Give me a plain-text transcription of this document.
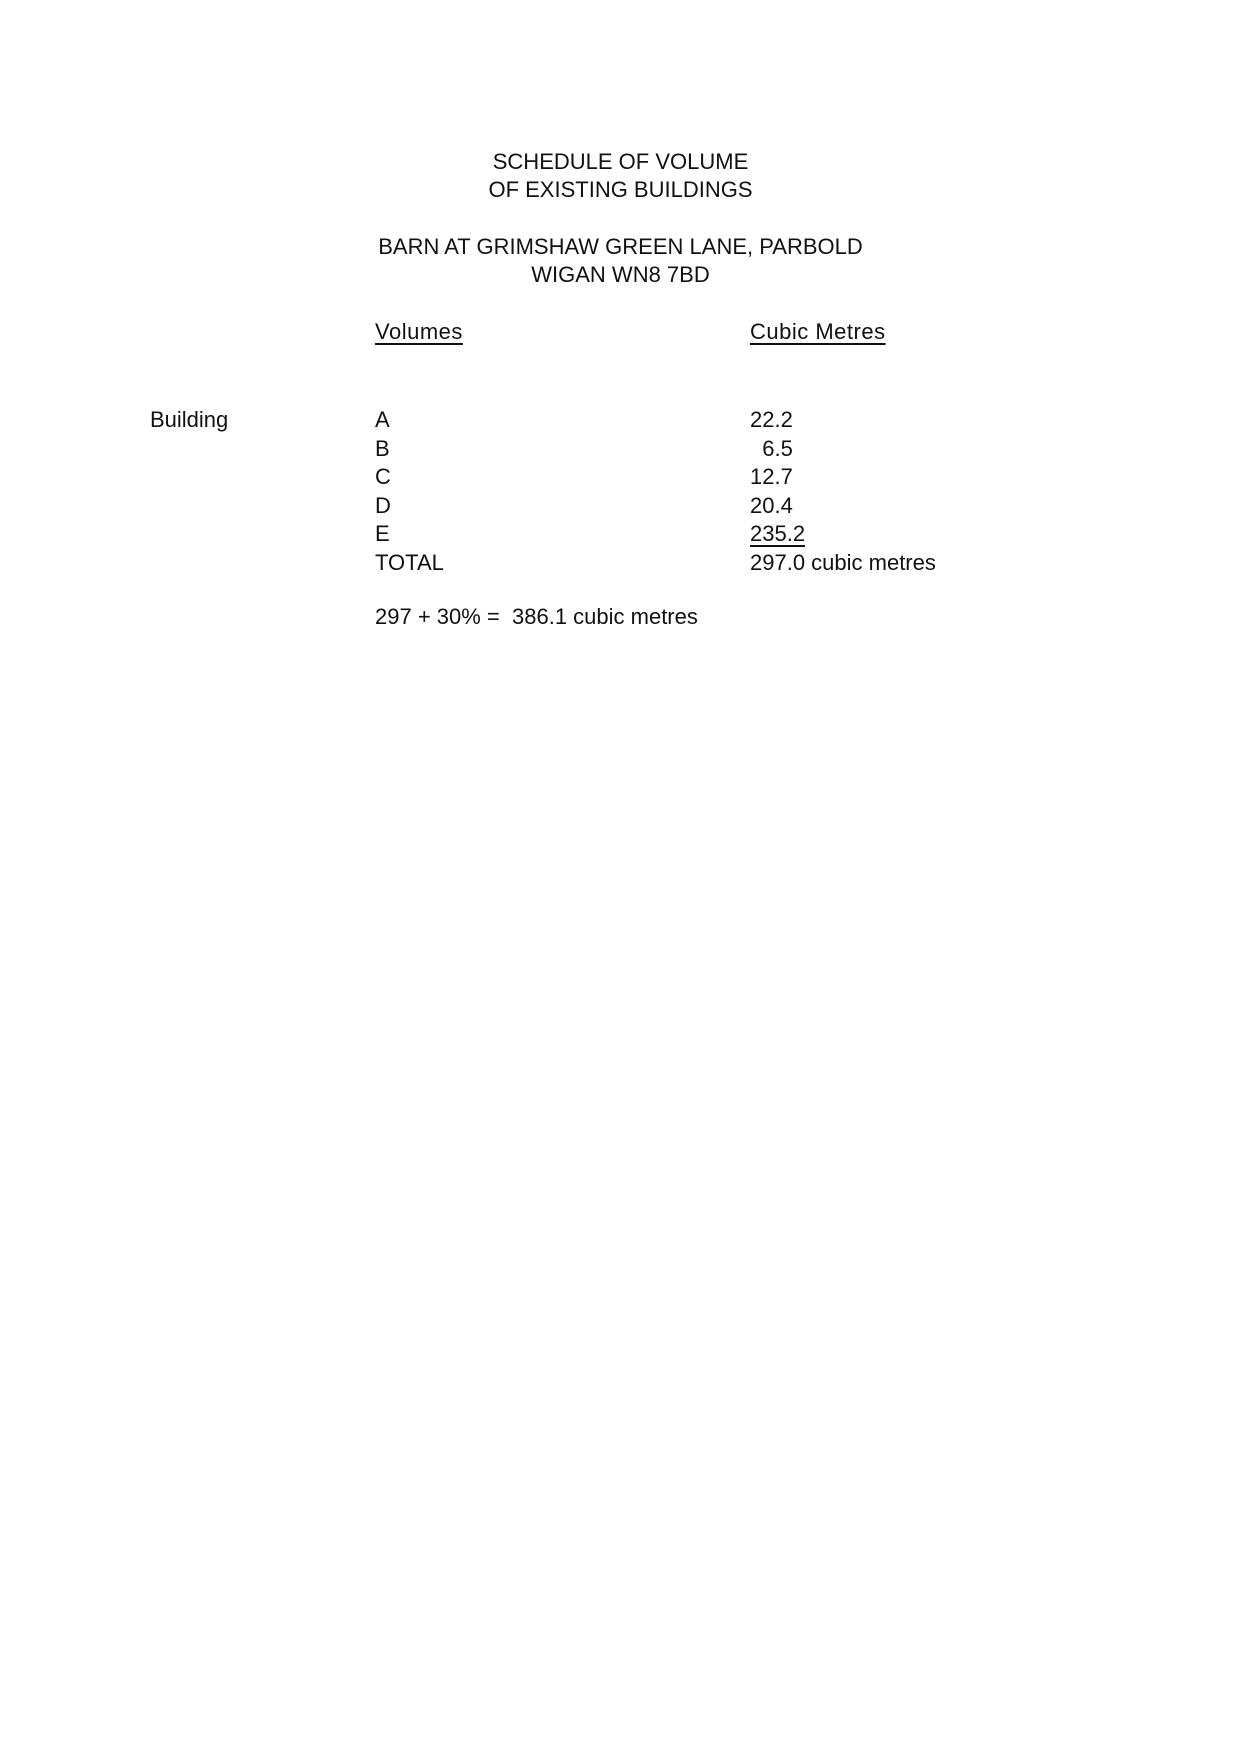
SCHEDULE OF VOLUME
OF EXISTING BUILDINGS
BARN AT GRIMSHAW GREEN LANE, PARBOLD
WIGAN WN8 7BD
Volumes	Cubic Metres
Building	A	22.2
B	6.5
C	12.7
D	20.4
E	235.2
TOTAL	297.0 cubic metres
297 + 30% =  386.1 cubic metres
